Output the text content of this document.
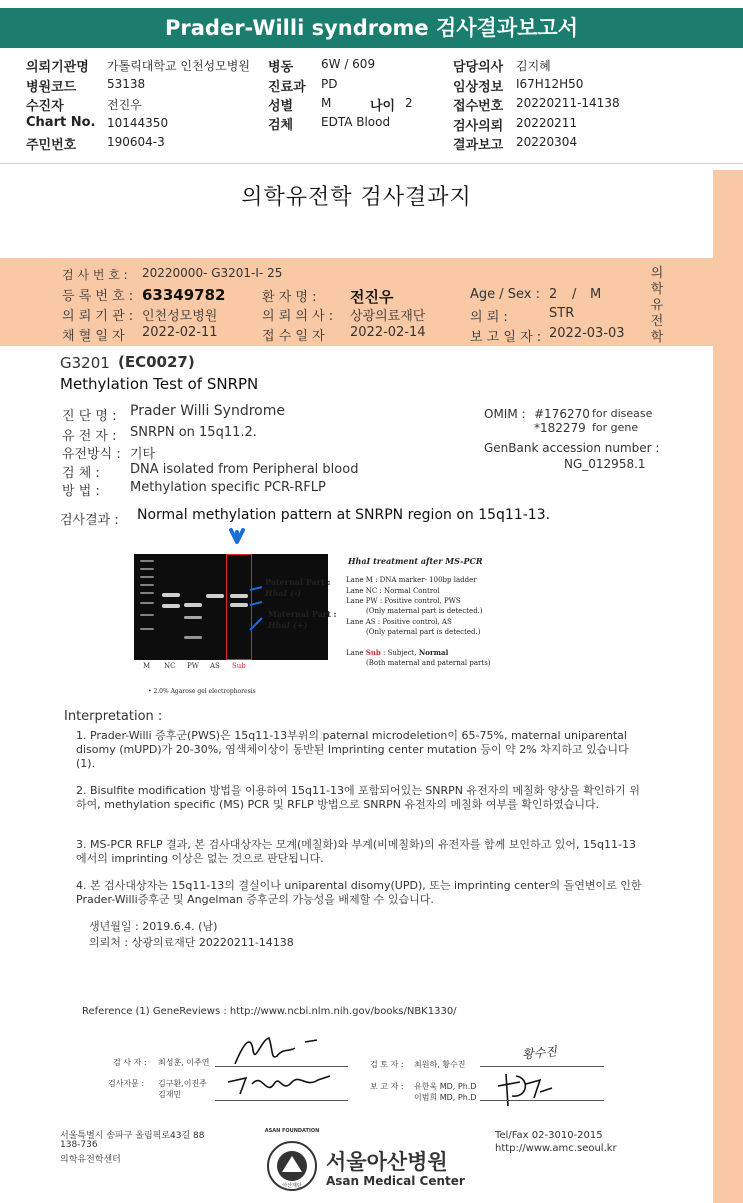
Prader-Willi syndrome 검사결과보고서
의뢰기관명 가톨릭대학교 인천성모병원 병동 6W / 609	담당의사 김지혜
병원코드	53138	진료과 PD	임상정보 I67H12H50
수진자	전진우	성별 M	나이 2	접수번호 20220211-14138
Chart No. 10144350	검체 EDTA Blood	검사의뢰 20220211
주민번호	190604-3	결과보고 20220304
의학유전학 검사결과지
의학유전학
검 사 번 호 : 20220000- G3201-I- 25
등 록 번 호 : 63349782	환 자 명 : 전진우	Age / Sex : 2 / M
의 뢰 기 관 : 인천성모병원	의 뢰 의 사 : 상광의료재단	의 뢰 :	STR
채 혈 일 자 2022-02-11	접 수 일 자 2022-02-14	보 고 일 자 : 2022-03-03
G3201 (EC0027)
Methylation Test of SNRPN
진 단 명 : Prader Willi Syndrome
유 전 자 : SNRPN on 15q11.2.
유전방식 : 기타
검 체 : DNA isolated from Peripheral blood
방 법 : Methylation specific PCR-RFLP
OMIM : #176270 for disease
*182279 for gene
GenBank accession number :
NG_012958.1
검사결과 : Normal methylation pattern at SNRPN region on 15q11-13.
Paternal Part :
HhaI (-)
Maternal Part :
HhaI (+)
M NC PW AS Sub
• 2.0% Agarose gel electrophoresis
HhaI treatment after MS-PCR
Lane M : DNA marker- 100bp ladder
Lane NC : Normal Control
Lane PW : Positive control, PWS
(Only maternal part is detected.)
Lane AS : Positive control, AS
(Only paternal part is detected.)
Lane Sub : Subject, Normal
(Both maternal and paternal parts)
Interpretation :
1. Prader-Willi 증후군(PWS)은 15q11-13부위의 paternal microdeletion이 65-75%, maternal uniparental disomy (mUPD)가 20-30%, 염색체이상이 동반된 Imprinting center mutation 등이 약 2% 차지하고 있습니다 (1).
2. Bisulfite modification 방법을 이용하여 15q11-13에 포함되어있는 SNRPN 유전자의 메칠화 양상을 확인하기 위하여, methylation specific (MS) PCR 및 RFLP 방법으로 SNRPN 유전자의 메칠화 여부를 확인하였습니다.
3. MS-PCR RFLP 결과, 본 검사대상자는 모계(메칠화)와 부계(비메칠화)의 유전자를 함께 보인하고 있어, 15q11-13에서의 imprinting 이상은 없는 것으로 판단됩니다.
4. 본 검사대상자는 15q11-13의 결실이나 uniparental disomy(UPD), 또는 imprinting center의 돌연변이로 인한 Prader-Willi증후군 및 Angelman 증후군의 가능성을 배제할 수 있습니다.
생년월일 : 2019.6.4. (남)
의뢰처 : 상광의료재단 20220211-14138
Reference (1) GeneReviews : http://www.ncbi.nlm.nih.gov/books/NBK1330/
검 사 자 : 최성훈, 이주연	검 토 자 : 최원하, 황수진
황수진
검사자문 : 김구환,이진주
김재민
보 고 자 : 유한욱 MD, Ph.D
이범희 MD, Ph.D
서울특별시 송파구 올림픽로43길 88
138-736
의학유전학센터
ASAN FOUNDATION
아산재단
서울아산병원
Asan Medical Center
Tel/Fax 02-3010-2015
http://www.amc.seoul.kr
